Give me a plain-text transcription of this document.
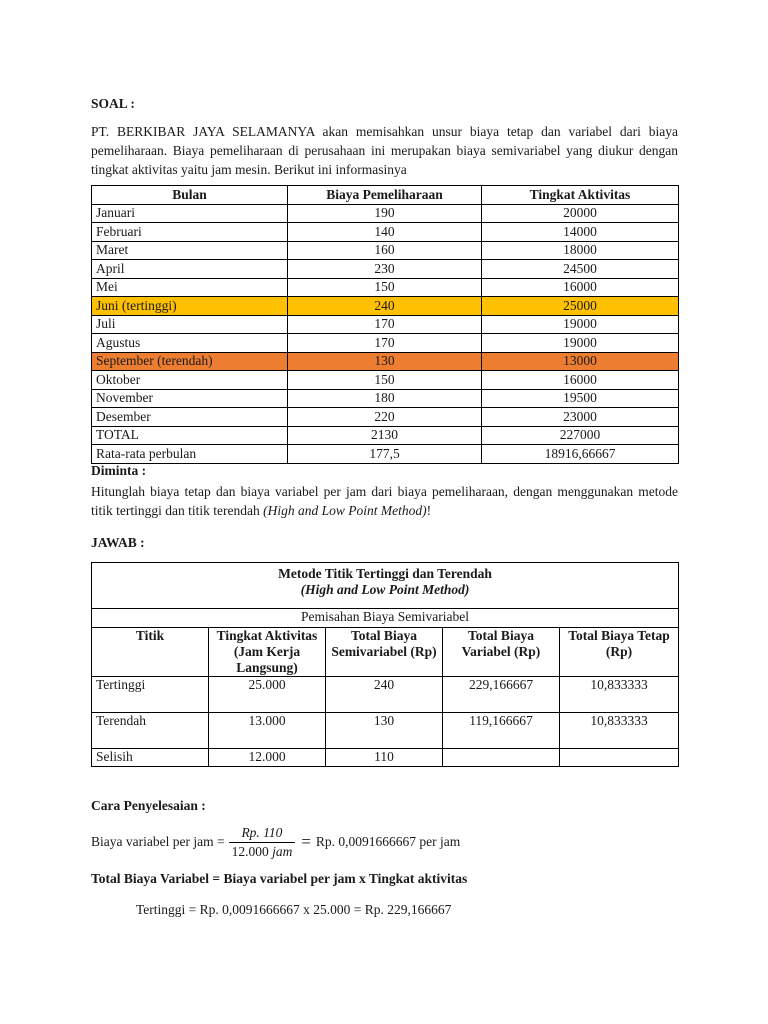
SOAL :
PT. BERKIBAR JAYA SELAMANYA akan memisahkan unsur biaya tetap dan variabel dari biaya pemeliharaan. Biaya pemeliharaan di perusahaan ini merupakan biaya semivariabel yang diukur dengan tingkat aktivitas yaitu jam mesin. Berikut ini informasinya
Bulan	Biaya Pemeliharaan	Tingkat Aktivitas
Januari	190	20000
Februari	140	14000
Maret	160	18000
April	230	24500
Mei	150	16000
Juni (tertinggi)	240	25000
Juli	170	19000
Agustus	170	19000
September (terendah)	130	13000
Oktober	150	16000
November	180	19500
Desember	220	23000
TOTAL	2130	227000
Rata-rata perbulan	177,5	18916,66667
Diminta :
Hitunglah biaya tetap dan biaya variabel per jam dari biaya pemeliharaan, dengan menggunakan metode titik tertinggi dan titik terendah (High and Low Point Method)!
JAWAB :
Metode Titik Tertinggi dan Terendah
(High and Low Point Method)				

Pemisahan Biaya Semivariabel				
Titik	Tingkat Aktivitas (Jam Kerja Langsung)	Total Biaya Semivariabel (Rp)	Total Biaya Variabel (Rp)	Total Biaya Tetap (Rp)
Tertinggi	25.000	240	229,166667	10,833333
Terendah	13.000	130	119,166667	10,833333
Selisih	12.000	110		
Cara Penyelesaian :
Biaya variabel per jam = $\frac{Rp. 110}{\text{12.000 jam}} = Rp$. 0,0091666667 per jam
Total Biaya Variabel = Biaya variabel per jam x Tingkat aktivitas
Tertinggi = Rp. 0,0091666667 x 25.000 = Rp. 229,166667
